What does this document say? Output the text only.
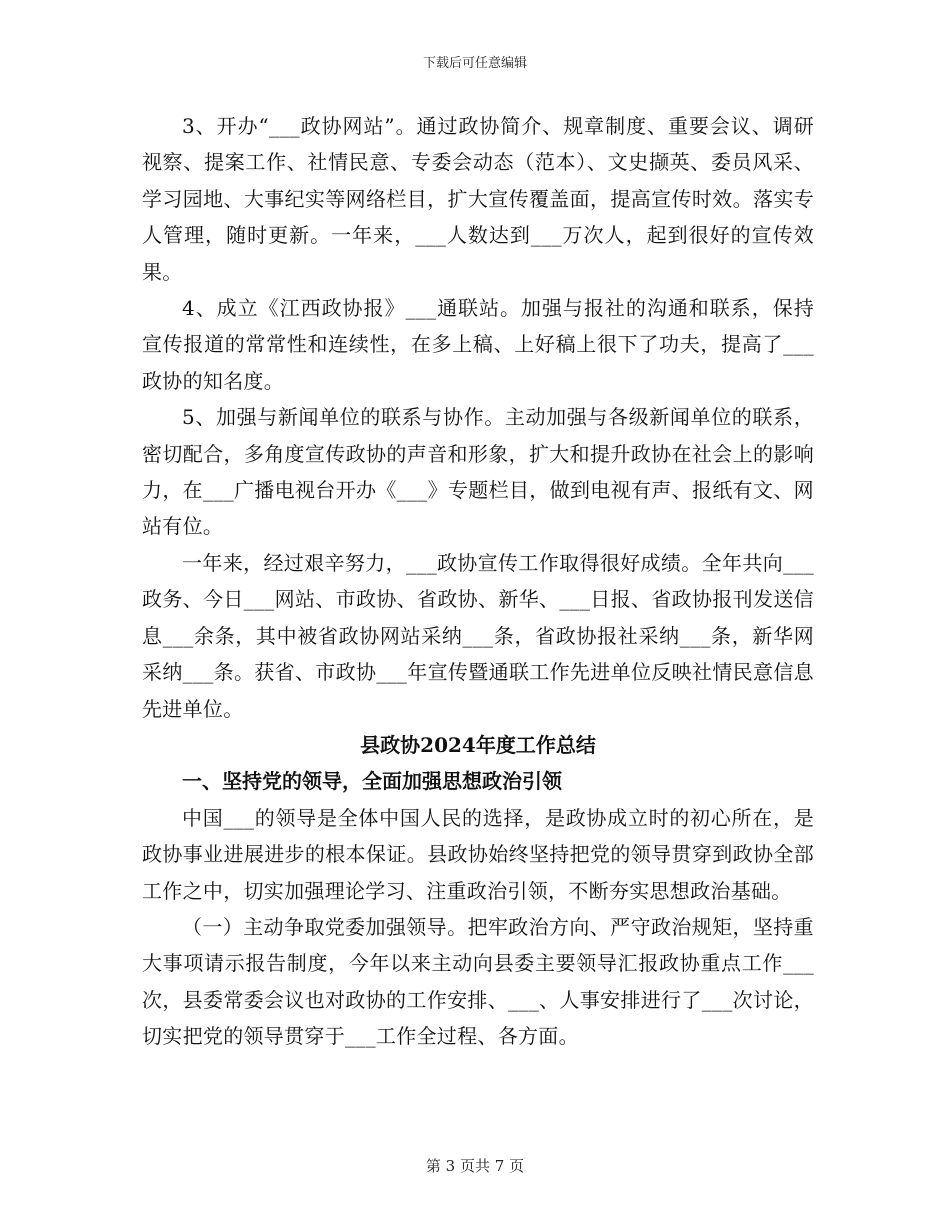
下载后可任意编辑

3、开办“___政协网站”。通过政协简介、规章制度、重要会议、调研视察、提案工作、社情民意、专委会动态（范本）、文史撷英、委员风采、学习园地、大事纪实等网络栏目，扩大宣传覆盖面，提高宣传时效。落实专人管理，随时更新。一年来，___人数达到___万次人，起到很好的宣传效果。

4、成立《江西政协报》___通联站。加强与报社的沟通和联系，保持宣传报道的常常性和连续性，在多上稿、上好稿上很下了功夫，提高了___政协的知名度。

5、加强与新闻单位的联系与协作。主动加强与各级新闻单位的联系，密切配合，多角度宣传政协的声音和形象，扩大和提升政协在社会上的影响力，在___广播电视台开办《___》专题栏目，做到电视有声、报纸有文、网站有位。

一年来，经过艰辛努力，___政协宣传工作取得很好成绩。全年共向___政务、今日___网站、市政协、省政协、新华、___日报、省政协报刊发送信息___余条，其中被省政协网站采纳___条，省政协报社采纳___条，新华网采纳___条。获省、市政协___年宣传暨通联工作先进单位反映社情民意信息先进单位。

县政协2024年度工作总结
一、坚持党的领导，全面加强思想政治引领

中国___的领导是全体中国人民的选择，是政协成立时的初心所在，是政协事业进展进步的根本保证。县政协始终坚持把党的领导贯穿到政协全部工作之中，切实加强理论学习、注重政治引领，不断夯实思想政治基础。

（一）主动争取党委加强领导。把牢政治方向、严守政治规矩，坚持重大事项请示报告制度，今年以来主动向县委主要领导汇报政协重点工作___次，县委常委会议也对政协的工作安排、___、人事安排进行了___次讨论，切实把党的领导贯穿于___工作全过程、各方面。

第 3 页共 7 页
